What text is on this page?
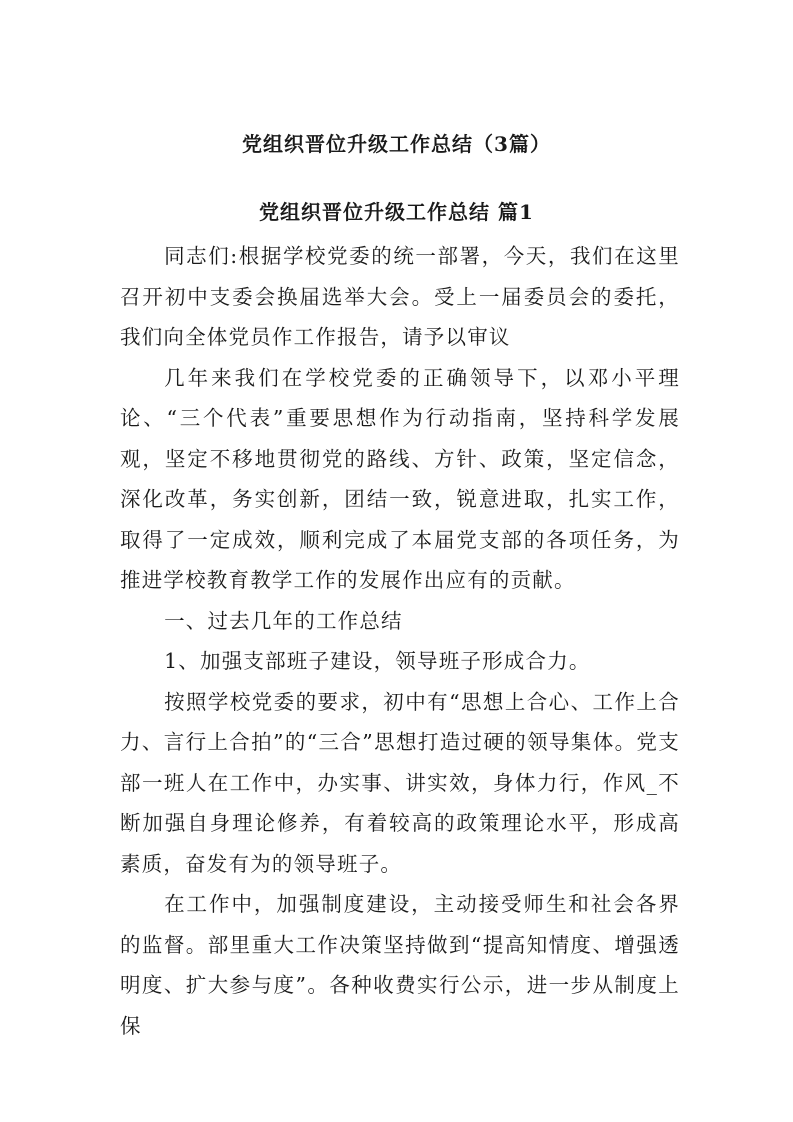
党组织晋位升级工作总结（3篇）
党组织晋位升级工作总结 篇1

同志们:根据学校党委的统一部署，今天，我们在这里召开初中支委会换届选举大会。受上一届委员会的委托，我们向全体党员作工作报告，请予以审议

几年来我们在学校党委的正确领导下，以邓小平理论、“三个代表”重要思想作为行动指南，坚持科学发展观，坚定不移地贯彻党的路线、方针、政策，坚定信念，深化改革，务实创新，团结一致，锐意进取，扎实工作，取得了一定成效，顺利完成了本届党支部的各项任务，为推进学校教育教学工作的发展作出应有的贡献。

一、过去几年的工作总结

1、加强支部班子建设，领导班子形成合力。

按照学校党委的要求，初中有“思想上合心、工作上合力、言行上合拍”的“三合”思想打造过硬的领导集体。党支部一班人在工作中，办实事、讲实效，身体力行，作风_不断加强自身理论修养，有着较高的政策理论水平，形成高素质，奋发有为的领导班子。

在工作中，加强制度建设，主动接受师生和社会各界的监督。部里重大工作决策坚持做到“提高知情度、增强透明度、扩大参与度”。各种收费实行公示，进一步从制度上保
